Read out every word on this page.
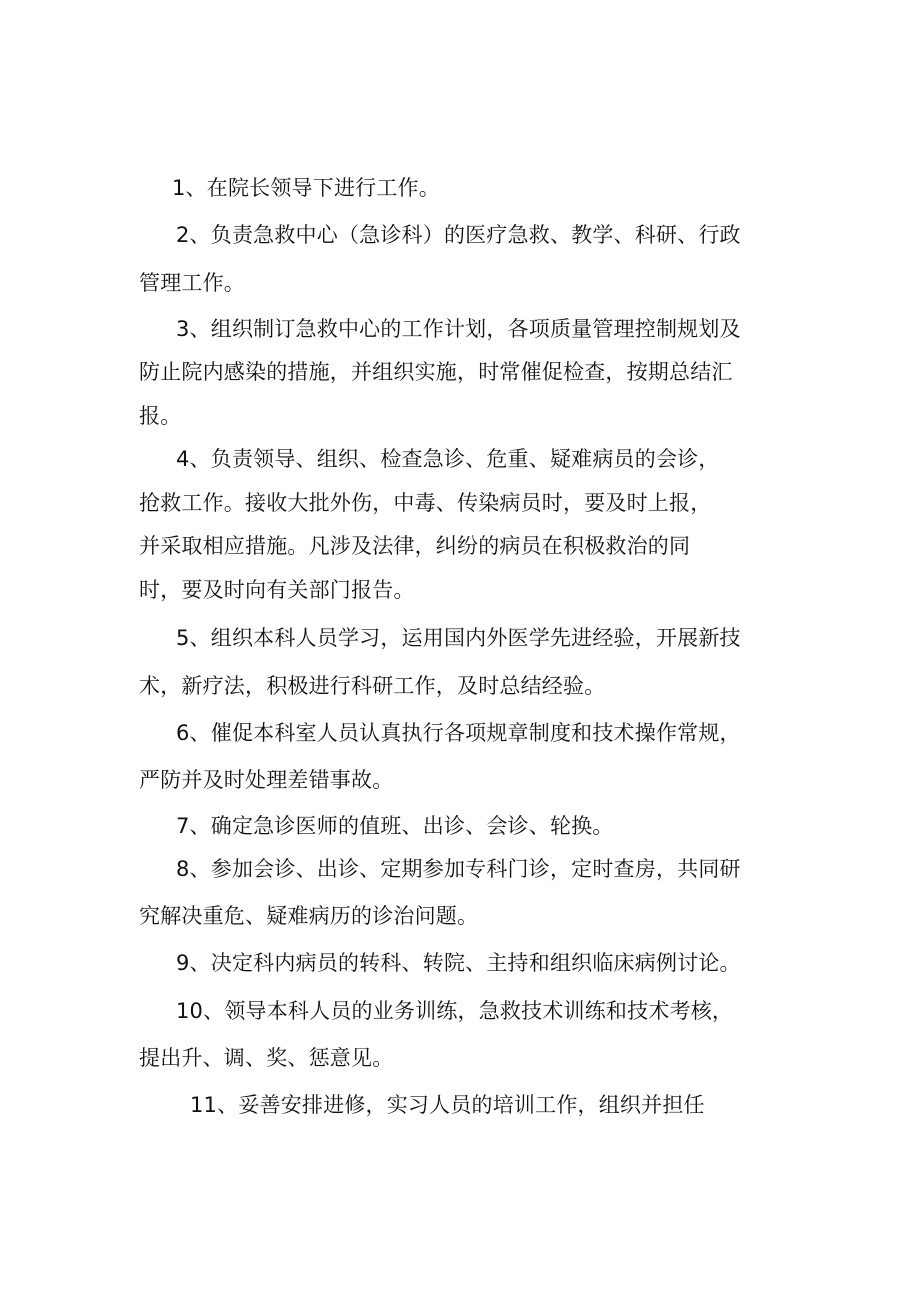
1、在院长领导下进行工作。
2、负责急救中心（急诊科）的医疗急救、教学、科研、行政
管理工作。
3、组织制订急救中心的工作计划，各项质量管理控制规划及
防止院内感染的措施，并组织实施，时常催促检查，按期总结汇
报。
4、负责领导、组织、检查急诊、危重、疑难病员的会诊，
抢救工作。接收大批外伤，中毒、传染病员时，要及时上报，
并采取相应措施。凡涉及法律，纠纷的病员在积极救治的同
时，要及时向有关部门报告。
5、组织本科人员学习，运用国内外医学先进经验，开展新技
术，新疗法，积极进行科研工作，及时总结经验。
6、催促本科室人员认真执行各项规章制度和技术操作常规，
严防并及时处理差错事故。
7、确定急诊医师的值班、出诊、会诊、轮换。
8、参加会诊、出诊、定期参加专科门诊，定时查房，共同研
究解决重危、疑难病历的诊治问题。
9、决定科内病员的转科、转院、主持和组织临床病例讨论。
10、领导本科人员的业务训练，急救技术训练和技术考核，
提出升、调、奖、惩意见。
11、妥善安排进修，实习人员的培训工作，组织并担任
